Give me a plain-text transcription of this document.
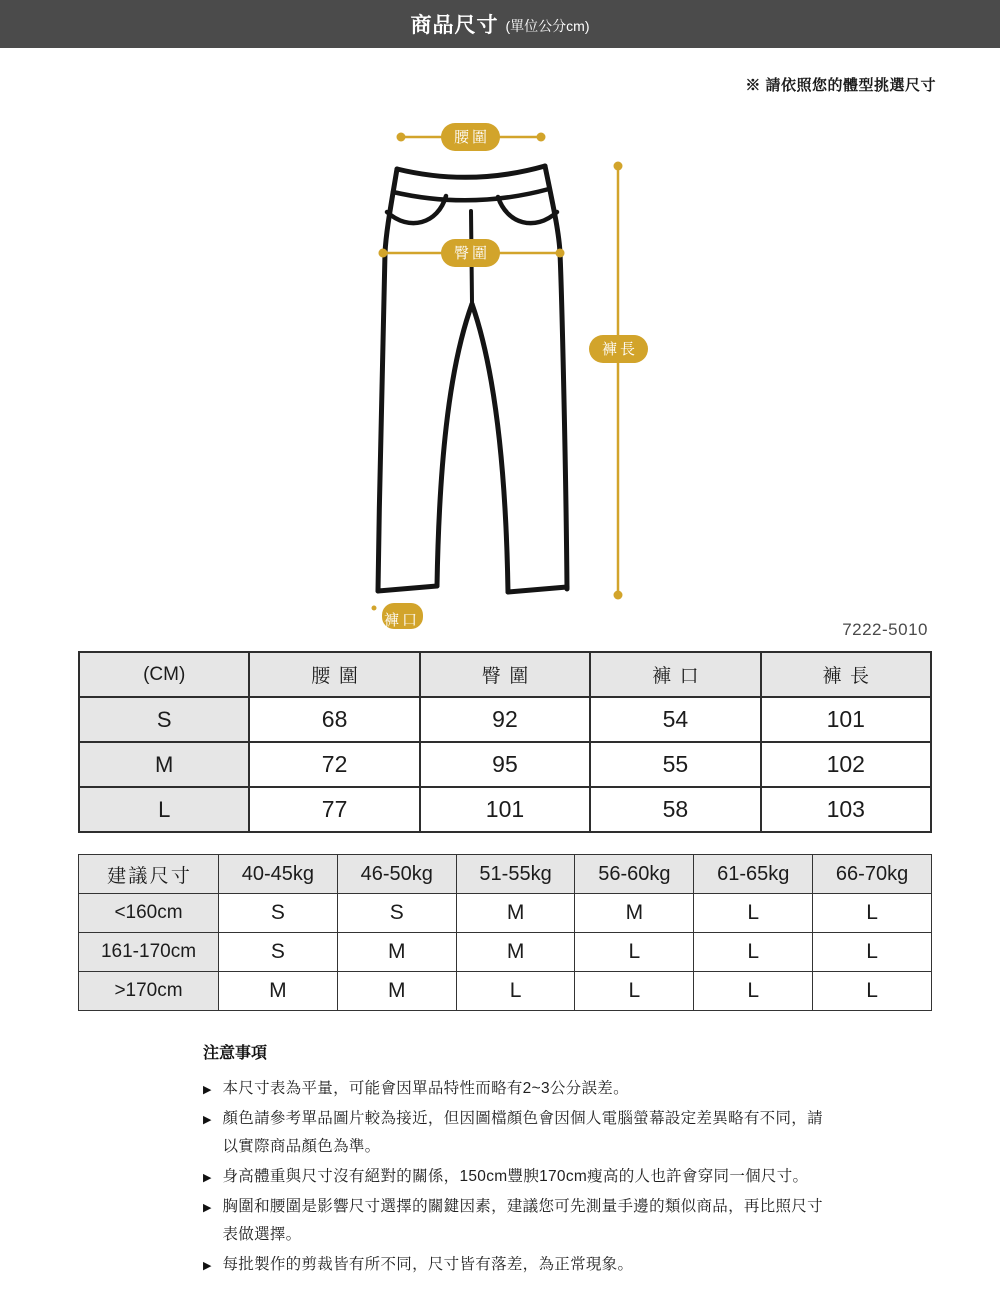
商品尺寸 (單位公分cm)
※ 請依照您的體型挑選尺寸
腰圍
臀圍
褲長
褲口	7222-5010
(CM)	腰圍	臀圍	褲口	褲長
S	68	92	54	101
M	72	95	55	102
L	77	101	58	103
建議尺寸	40-45kg	46-50kg	51-55kg	56-60kg	61-65kg	66-70kg
<160cm	S	S	M	M	L	L
161-170cm	S	M	M	L	L	L
>170cm	M	M	L	L	L	L
注意事項
▶ 本尺寸表為平量，可能會因單品特性而略有2~3公分誤差。
▶ 顏色請參考單品圖片較為接近，但因圖檔顏色會因個人電腦螢幕設定差異略有不同，請
以實際商品顏色為準。
▶ 身高體重與尺寸沒有絕對的關係，150cm豐腴170cm瘦高的人也許會穿同一個尺寸。
▶ 胸圍和腰圍是影響尺寸選擇的關鍵因素，建議您可先測量手邊的類似商品，再比照尺寸
表做選擇。
▶ 每批製作的剪裁皆有所不同，尺寸皆有落差，為正常現象。
